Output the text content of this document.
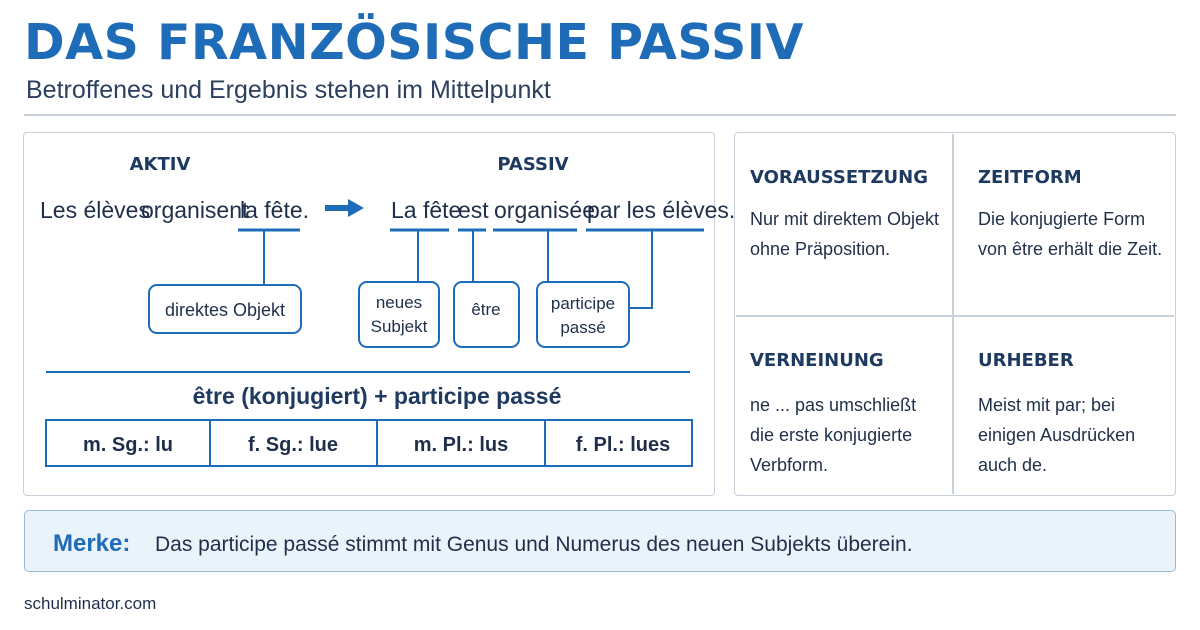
DAS FRANZÖSISCHE PASSIV
Betroffenes und Ergebnis stehen im Mittelpunkt
AKTIV	PASSIV
Les élèves
organisent
la fête.	La fête
est organisée
par les élèves.
direktes Objekt	neues
Subjekt
être	participe
passé
être (konjugiert) + participe passé
m. Sg.: lu	f. Sg.: lue	m. Pl.: lus	f. Pl.: lues
VORAUSSETZUNG
Nur mit direktem Objekt
ohne Präposition.
ZEITFORM
Die konjugierte Form
von être erhält die Zeit.
VERNEINUNG
ne ... pas umschließt
die erste konjugierte
Verbform.
URHEBER
Meist mit par; bei
einigen Ausdrücken
auch de.
Merke: Das participe passé stimmt mit Genus und Numerus des neuen Subjekts überein.
schulminator.com
